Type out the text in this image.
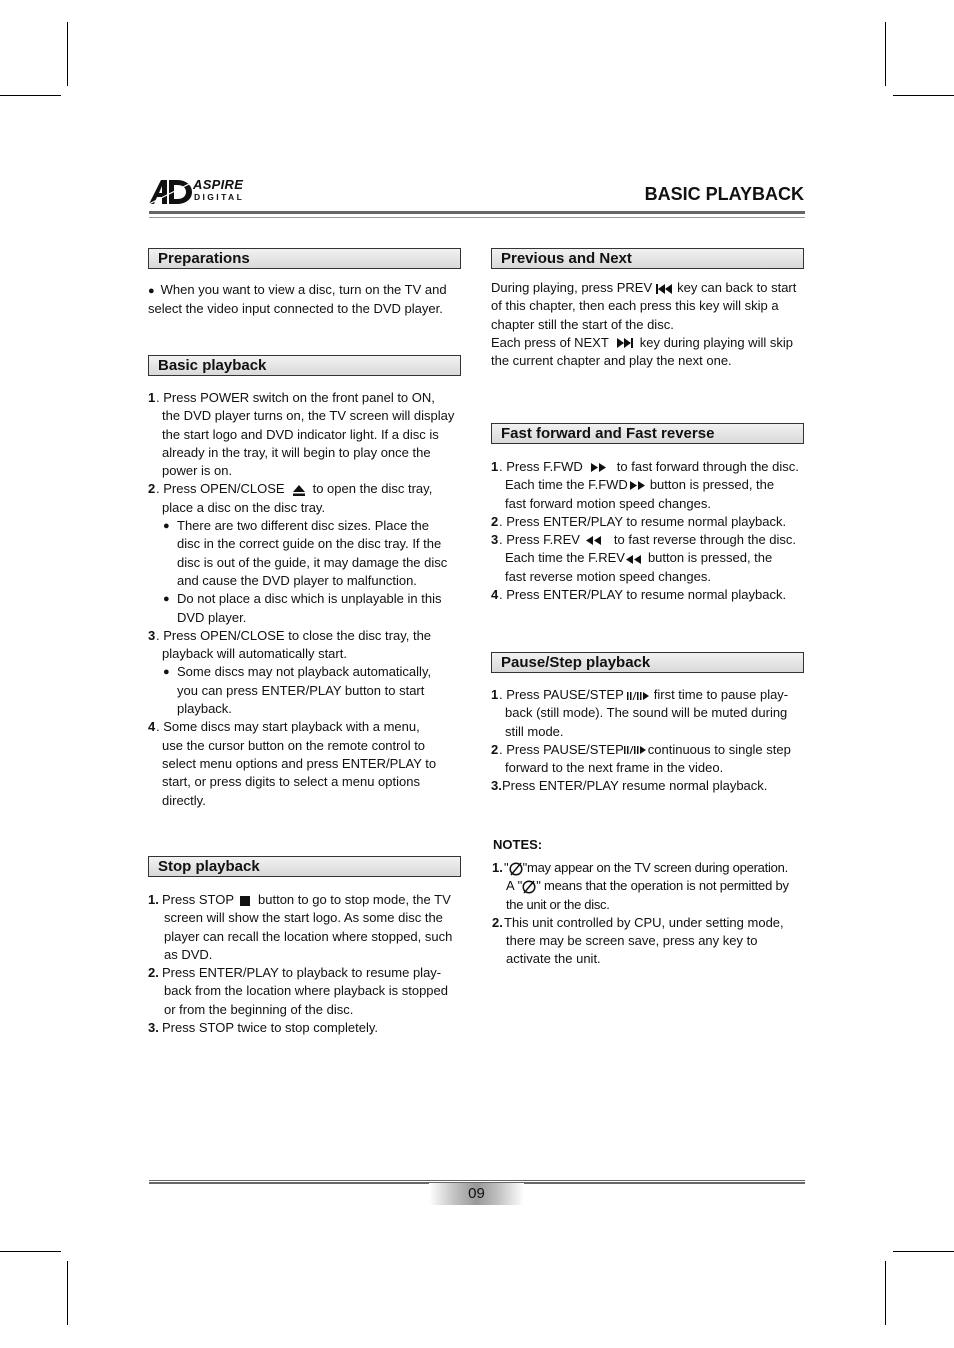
ASPIRE
DIGITAL	BASIC PLAYBACK
Preparations

● When you want to view a disc, turn on the TV and

select the video input connected to the DVD player.

Basic playback
1 . Press POWER switch on the front panel to ON,

the DVD player turns on, the TV screen will display

the start logo and DVD indicator light. If a disc is

already in the tray, it will begin to play once the

power is on.

2 . Press OPEN/CLOSE to open the disc tray,

place a disc on the disc tray.

● There are two different disc sizes. Place the

disc in the correct guide on the disc tray. If the

disc is out of the guide, it may damage the disc

and cause the DVD player to malfunction.

● Do not place a disc which is unplayable in this

DVD player.

3 . Press OPEN/CLOSE to close the disc tray, the

playback will automatically start.

● Some discs may not playback automatically,

you can press ENTER/PLAY button to start

playback.

4 . Some discs may start playback with a menu,

use the cursor button on the remote control to

select menu options and press ENTER/PLAY to

start, or press digits to select a menu options

directly.

Stop playback
1. Press STOP button to go to stop mode, the TV

screen will show the start logo. As some disc the

player can recall the location where stopped, such

as DVD.

2. Press ENTER/PLAY to playback to resume play-

back from the location where playback is stopped

or from the beginning of the disc.

3. Press STOP twice to stop completely.

Previous and Next

During playing, press PREV key can back to start

of this chapter, then each press this key will skip a

chapter still the start of the disc.

Each press of NEXT key during playing will skip

the current chapter and play the next one.

Fast forward and Fast reverse
1 . Press F.FWD	to fast forward through the disc.

Each time the F.FWD button is pressed, the

fast forward motion speed changes.

2 . Press ENTER/PLAY to resume normal playback.

3 . Press F.REV	to fast reverse through the disc.

Each time the F.REV button is pressed, the

fast reverse motion speed changes.

4 . Press ENTER/PLAY to resume normal playback.

Pause/Step playback
1 . Press PAUSE/STEP first time to pause play-

back (still mode). The sound will be muted during

still mode.

2 . Press PAUSE/STEP continuous to single step

forward to the next frame in the video.

3. Press ENTER/PLAY resume normal playback.

NOTES:
1. " "may appear on the TV screen during operation.

A " " means that the operation is not permitted by

the unit or the disc.

2. This unit controlled by CPU, under setting mode,

there may be screen save, press any key to

activate the unit.

09
